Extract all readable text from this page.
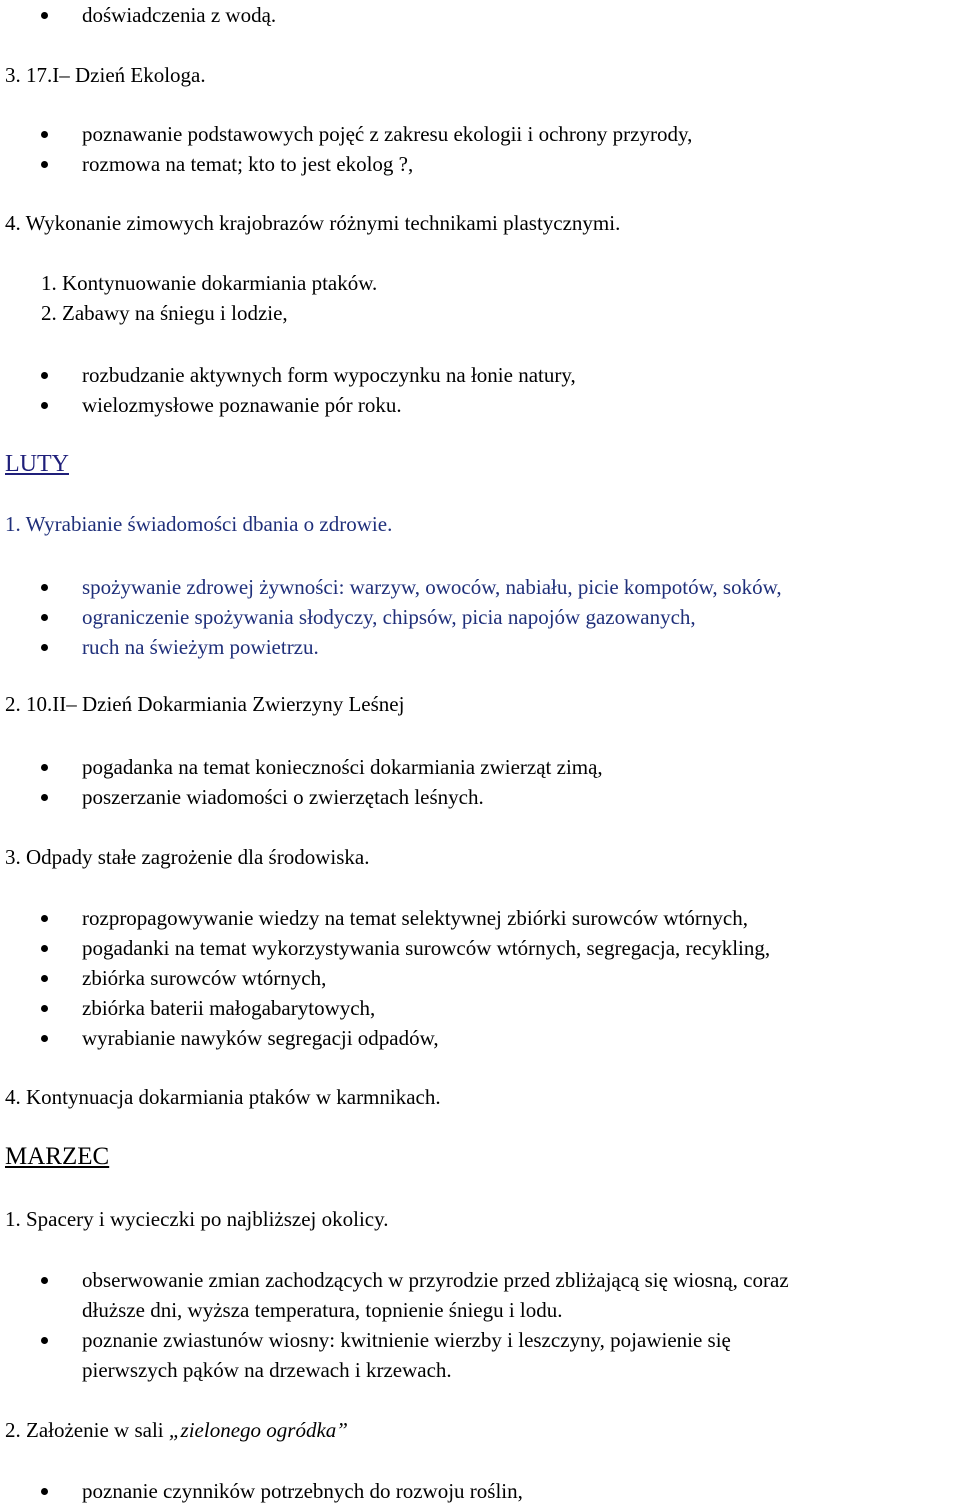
doświadczenia z wodą.
3. 17.I– Dzień Ekologa.
poznawanie podstawowych pojęć z zakresu ekologii i ochrony przyrody,
rozmowa na temat; kto to jest ekolog ?,
4. Wykonanie zimowych krajobrazów różnymi technikami plastycznymi.
1. Kontynuowanie dokarmiania ptaków.
2. Zabawy na śniegu i lodzie,
rozbudzanie aktywnych form wypoczynku na łonie natury,
wielozmysłowe poznawanie pór roku.
LUTY
1. Wyrabianie świadomości dbania o zdrowie.
spożywanie zdrowej żywności: warzyw, owoców, nabiału, picie kompotów, soków,
ograniczenie spożywania słodyczy, chipsów, picia napojów gazowanych,
ruch na świeżym powietrzu.
2. 10.II– Dzień Dokarmiania Zwierzyny Leśnej
pogadanka na temat konieczności dokarmiania zwierząt zimą,
poszerzanie wiadomości o zwierzętach leśnych.
3. Odpady stałe zagrożenie dla środowiska.
rozpropagowywanie wiedzy na temat selektywnej zbiórki surowców wtórnych,
pogadanki na temat wykorzystywania surowców wtórnych, segregacja, recykling,
zbiórka surowców wtórnych,
zbiórka baterii małogabarytowych,
wyrabianie nawyków segregacji odpadów,
4. Kontynuacja dokarmiania ptaków w karmnikach.
MARZEC
1. Spacery i wycieczki po najbliższej okolicy.
obserwowanie zmian zachodzących w przyrodzie przed zbliżającą się wiosną, coraz
dłuższe dni, wyższa temperatura, topnienie śniegu i lodu.
poznanie zwiastunów wiosny: kwitnienie wierzby i leszczyny, pojawienie się
pierwszych pąków na drzewach i krzewach.
2. Założenie w sali „zielonego ogródka”
poznanie czynników potrzebnych do rozwoju roślin,
